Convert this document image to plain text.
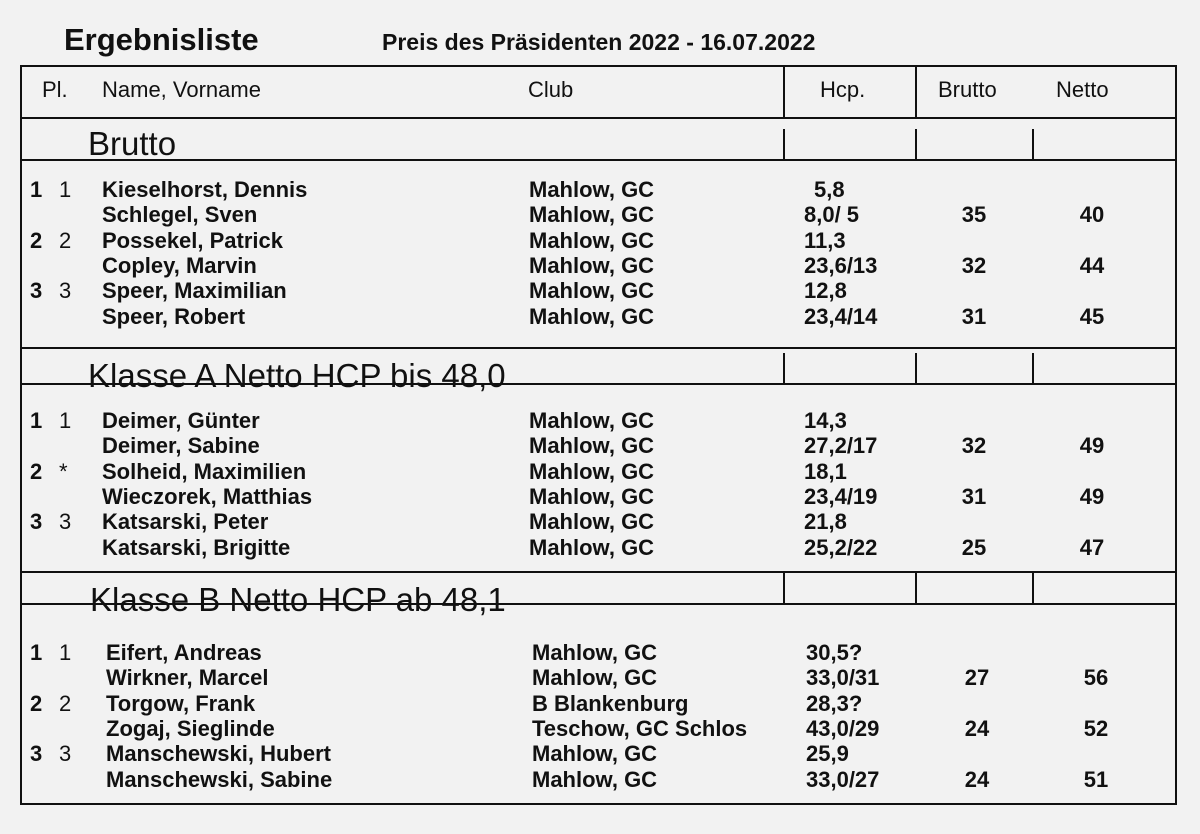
Ergebnisliste	Preis des Präsidenten 2022 - 16.07.2022
Pl. Name, Vorname	Club	Hcp.	Brutto	Netto
Brutto
1 1 Kieselhorst, Dennis	Mahlow, GC	5,8
Schlegel, Sven	Mahlow, GC	8,0/ 5	35	40
2 2 Possekel, Patrick	Mahlow, GC	11,3
Copley, Marvin	Mahlow, GC	23,6/13	32	44
3 3 Speer, Maximilian	Mahlow, GC	12,8
Speer, Robert	Mahlow, GC	23,4/14	31	45
Klasse A Netto HCP bis 48,0
1 1 Deimer, Günter	Mahlow, GC	14,3
Deimer, Sabine	Mahlow, GC	27,2/17	32	49
2 * Solheid, Maximilien	Mahlow, GC	18,1
Wieczorek, Matthias	Mahlow, GC	23,4/19	31	49
3 3 Katsarski, Peter	Mahlow, GC	21,8
Katsarski, Brigitte	Mahlow, GC	25,2/22	25	47
Klasse B Netto HCP ab 48,1
1 1 Eifert, Andreas	Mahlow, GC	30,5?
Wirkner, Marcel	Mahlow, GC	33,0/31	27	56
2 2 Torgow, Frank	B Blankenburg	28,3?
Zogaj, Sieglinde	Teschow, GC Schlos	43,0/29	24	52
3 3 Manschewski, Hubert	Mahlow, GC	25,9
Manschewski, Sabine	Mahlow, GC	33,0/27	24	51
